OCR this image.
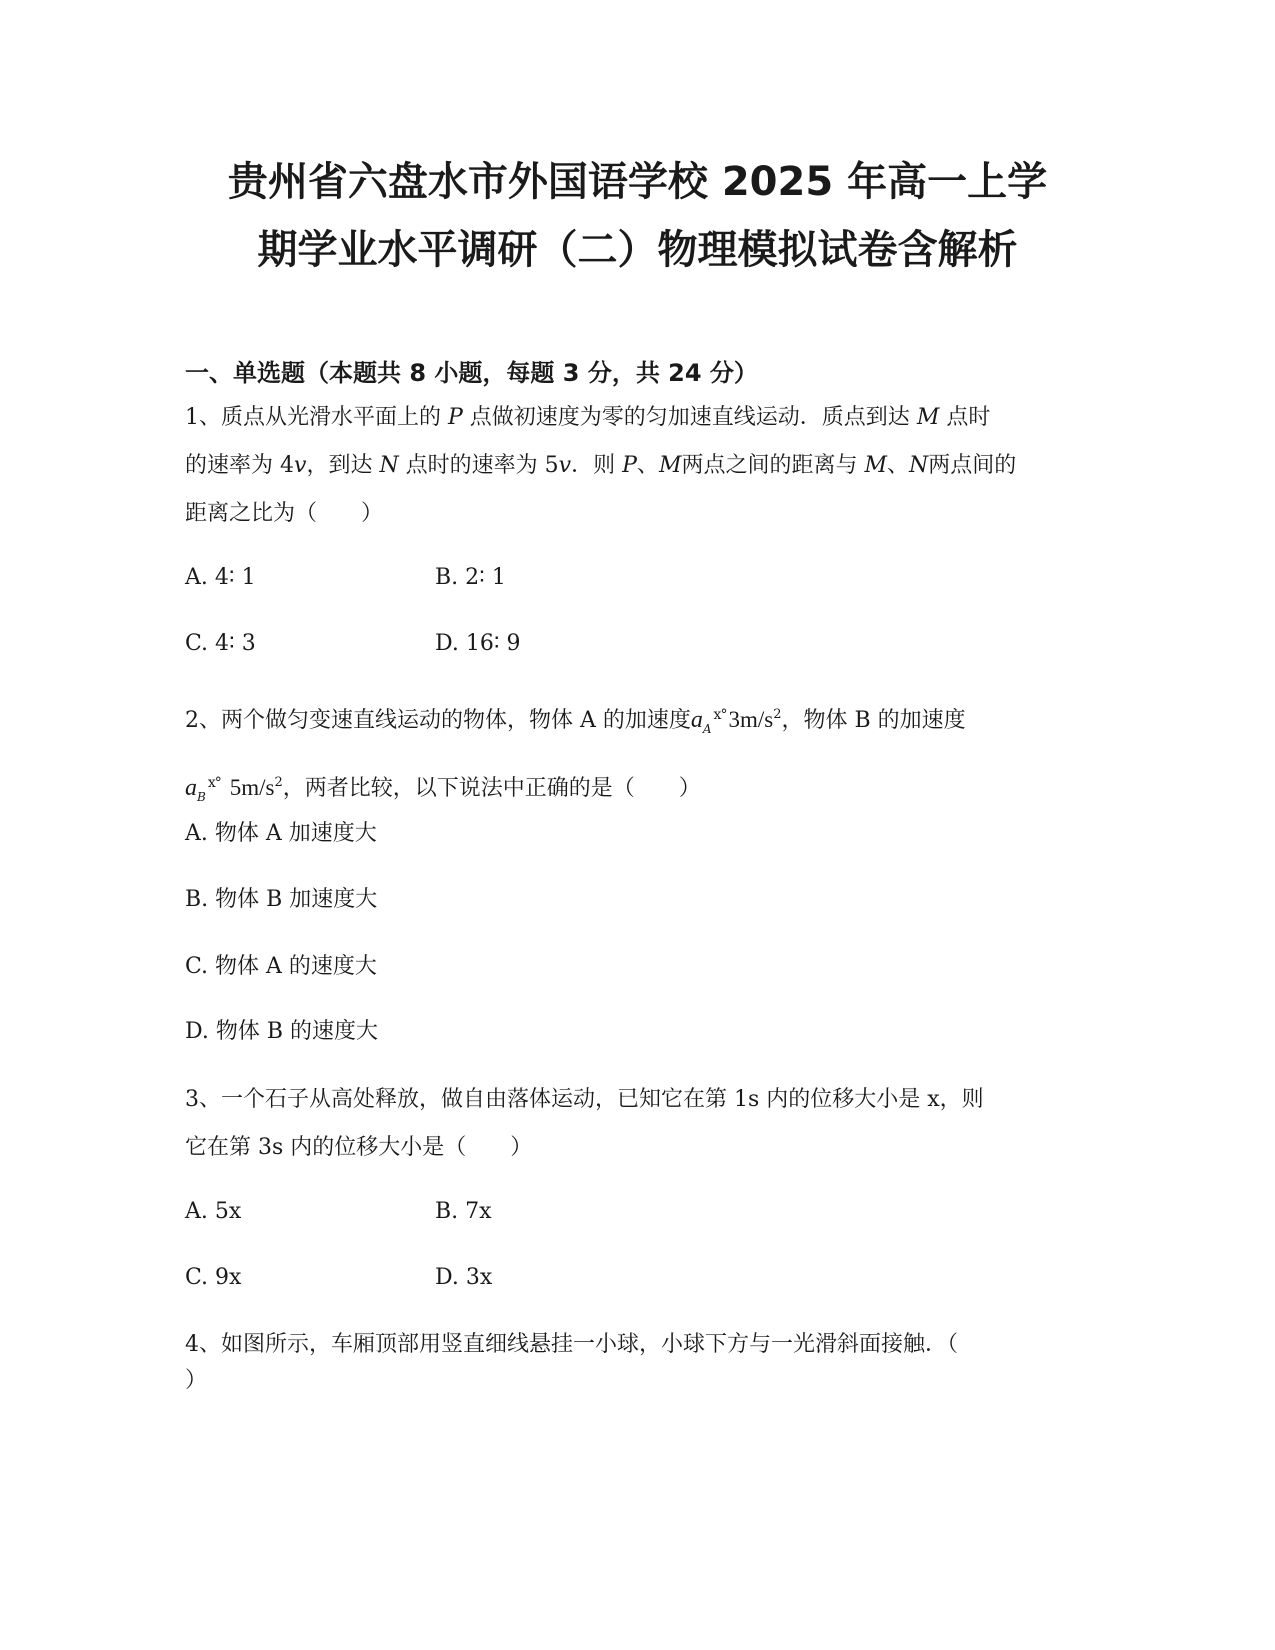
贵州省六盘水市外国语学校 2025 年高一上学
期学业水平调研（二）物理模拟试卷含解析
一、单选题（本题共 8 小题，每题 3 分，共 24 分）
1、质点从光滑水平面上的 P 点做初速度为零的匀加速直线运动．质点到达 M 点时
的速率为 4v，到达 N 点时的速率为 5v．则 P、M两点之间的距离与 M、N两点间的
距离之比为（　　）
A. 4∶ 1	B. 2∶ 1
C. 4∶ 3	D. 16∶ 9
2、两个做匀变速直线运动的物体，物体 A 的加速度$a_A^{ⅹ^\circ}3m/s^2$，物体 B 的加速度
$a_B^{ⅹ^\circ}$ $5m/s^2$，两者比较，以下说法中正确的是（　　）
A. 物体 A 加速度大
B. 物体 B 加速度大
C. 物体 A 的速度大
D. 物体 B 的速度大
3、一个石子从高处释放，做自由落体运动，已知它在第 1s 内的位移大小是 x，则
它在第 3s 内的位移大小是（　　）
A. 5x	B. 7x
C. 9x	D. 3x
4、如图所示，车厢顶部用竖直细线悬挂一小球，小球下方与一光滑斜面接触．（
）
